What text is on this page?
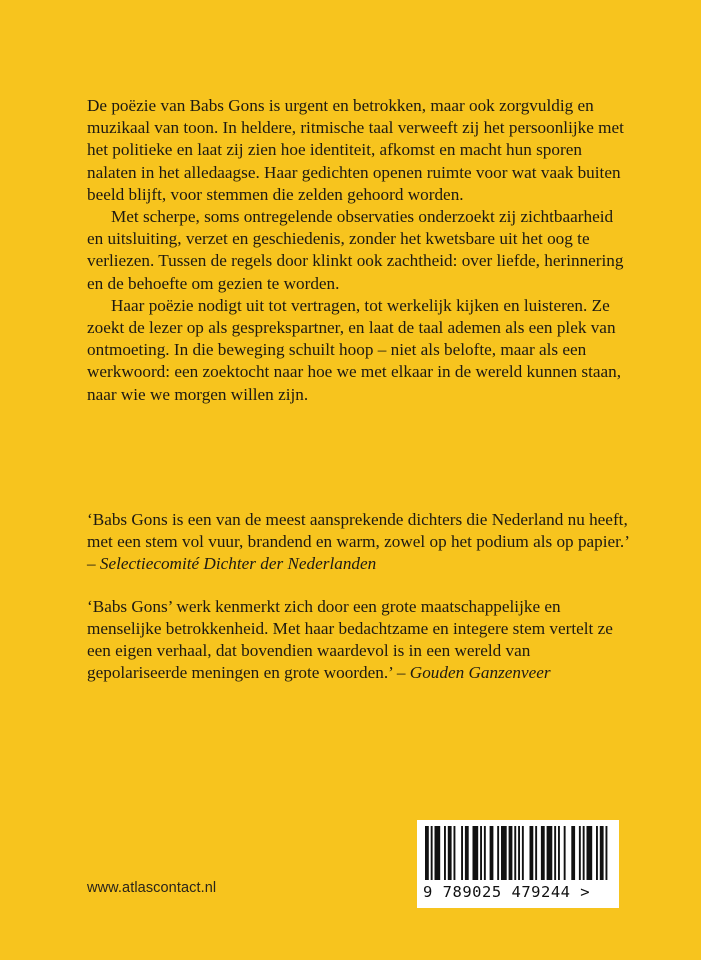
De poëzie van Babs Gons is urgent en betrokken, maar ook zorgvuldig en muzikaal van toon. In heldere, ritmische taal verweeft zij het persoonlijke met het politieke en laat zij zien hoe identiteit, afkomst en macht hun sporen nalaten in het alledaagse. Haar gedichten openen ruimte voor wat vaak buiten beeld blijft, voor stemmen die zelden gehoord worden.

Met scherpe, soms ontregelende observaties onderzoekt zij zichtbaarheid en uitsluiting, verzet en geschiedenis, zonder het kwetsbare uit het oog te verliezen. Tussen de regels door klinkt ook zachtheid: over liefde, herinnering en de behoefte om gezien te worden.

Haar poëzie nodigt uit tot vertragen, tot werkelijk kijken en luisteren. Ze zoekt de lezer op als gesprekspartner, en laat de taal ademen als een plek van ontmoeting. In die beweging schuilt hoop – niet als belofte, maar als een werkwoord: een zoektocht naar hoe we met elkaar in de wereld kunnen staan, naar wie we morgen willen zijn.

‘Babs Gons is een van de meest aansprekende dichters die Nederland nu heeft, met een stem vol vuur, brandend en warm, zowel op het podium als op papier.’
– Selectiecomité Dichter der Nederlanden

‘Babs Gons’ werk kenmerkt zich door een grote maatschappelijke en menselijke betrokkenheid. Met haar bedachtzame en integere stem vertelt ze een eigen verhaal, dat bovendien waardevol is in een wereld van gepolariseerde meningen en grote woorden.’ – Gouden Ganzenveer

www.atlascontact.nl	9 789025 479244 >
